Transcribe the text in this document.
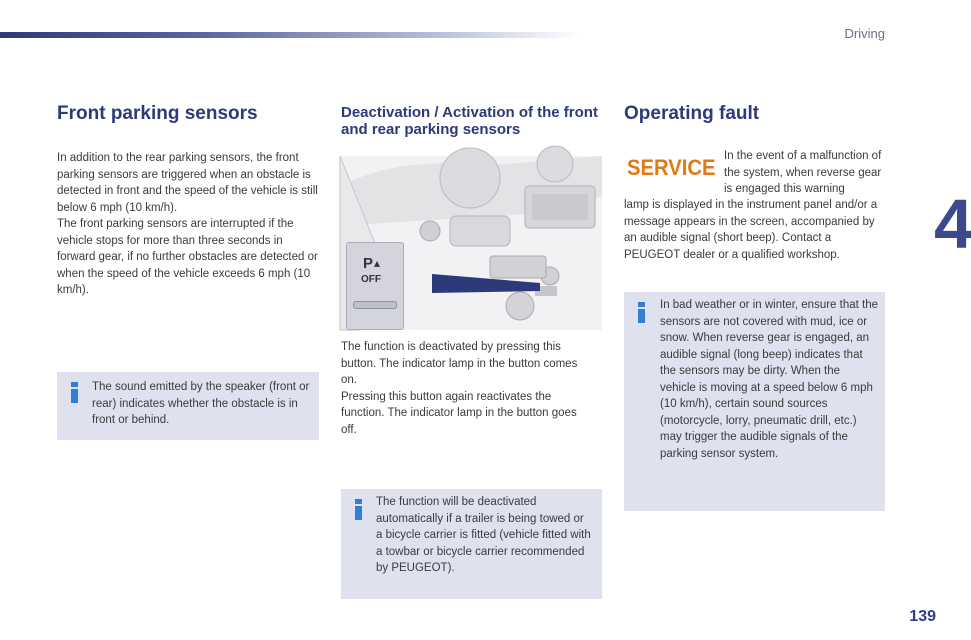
Driving
4
139
Front parking sensors

In addition to the rear parking sensors, the front parking sensors are triggered when an obstacle is detected in front and the speed of the vehicle is still below 6 mph (10 km/h).

The front parking sensors are interrupted if the vehicle stops for more than three seconds in forward gear, if no further obstacles are detected or when the speed of the vehicle exceeds 6 mph (10 km/h).

The sound emitted by the speaker (front or rear) indicates whether the obstacle is in front or behind.
Deactivation / Activation of the front and rear parking sensors
P ▴
OFF

The function is deactivated by pressing this button. The indicator lamp in the button comes on.

Pressing this button again reactivates the function. The indicator lamp in the button goes off.

The function will be deactivated automatically if a trailer is being towed or a bicycle carrier is fitted (vehicle fitted with a towbar or bicycle carrier recommended by PEUGEOT).
Operating fault
SERVICE In the event of a malfunction of the system, when reverse gear is engaged this warning
lamp is displayed in the instrument panel and/or a message appears in the screen, accompanied by an audible signal (short beep). Contact a PEUGEOT dealer or a qualified workshop.
In bad weather or in winter, ensure that the sensors are not covered with mud, ice or snow. When reverse gear is engaged, an audible signal (long beep) indicates that the sensors may be dirty. When the vehicle is moving at a speed below 6 mph (10 km/h), certain sound sources (motorcycle, lorry, pneumatic drill, etc.) may trigger the audible signals of the parking sensor system.
